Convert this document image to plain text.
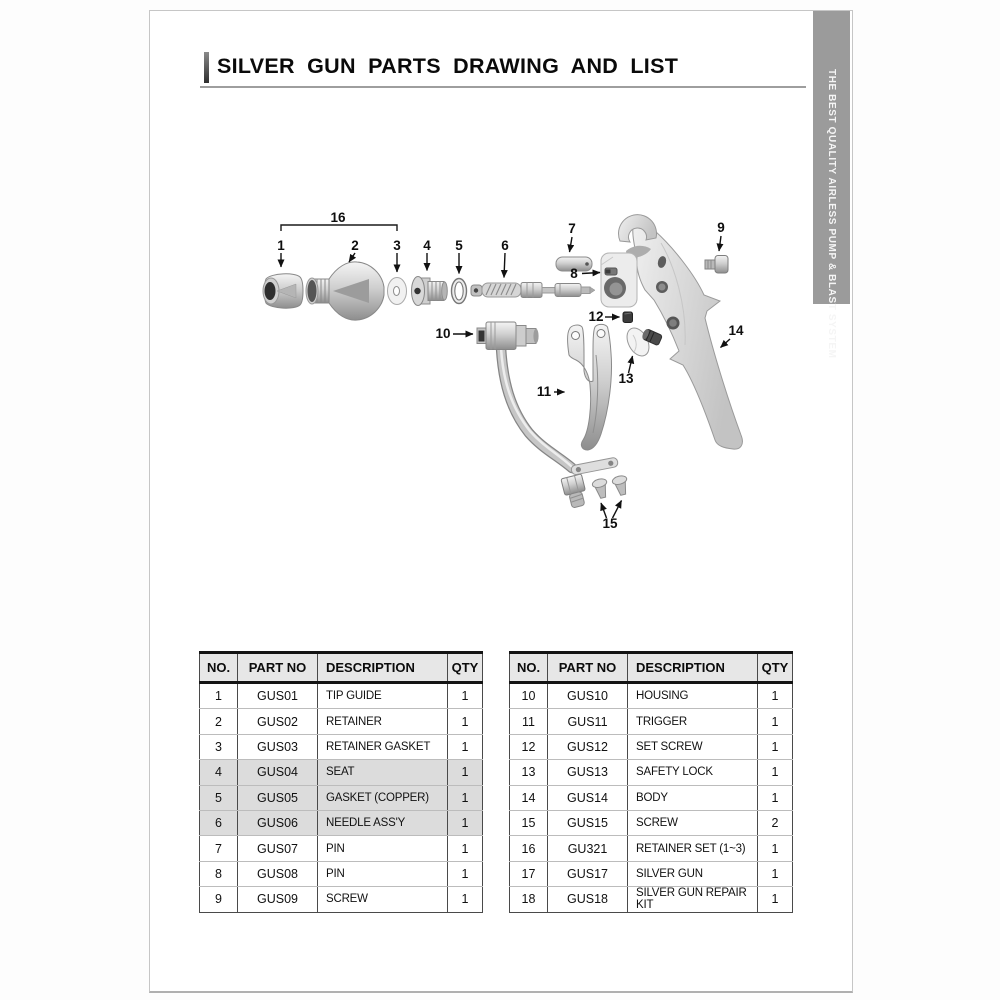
SILVER GUN PARTS DRAWING AND LIST
THE BEST QUALITY AIRLESS PUMP & BLAST SYSTEM
16
1	2	3 4 5	6
7
8
9
10
11
12
13
14
15
NO.	PART NO	DESCRIPTION	QTY
1	GUS01	TIP GUIDE	1
2	GUS02	RETAINER	1
3	GUS03	RETAINER GASKET	1
4	GUS04	SEAT	1
5	GUS05	GASKET (COPPER)	1
6	GUS06	NEEDLE ASS'Y	1
7	GUS07	PIN	1
8	GUS08	PIN	1
9	GUS09	SCREW	1
NO.	PART NO	DESCRIPTION	QTY
10	GUS10	HOUSING	1
11	GUS11	TRIGGER	1
12	GUS12	SET SCREW	1
13	GUS13	SAFETY LOCK	1
14	GUS14	BODY	1
15	GUS15	SCREW	2
16	GU321	RETAINER SET (1~3)	1
17	GUS17	SILVER GUN	1
18	GUS18	SILVER GUN REPAIR KIT	1
